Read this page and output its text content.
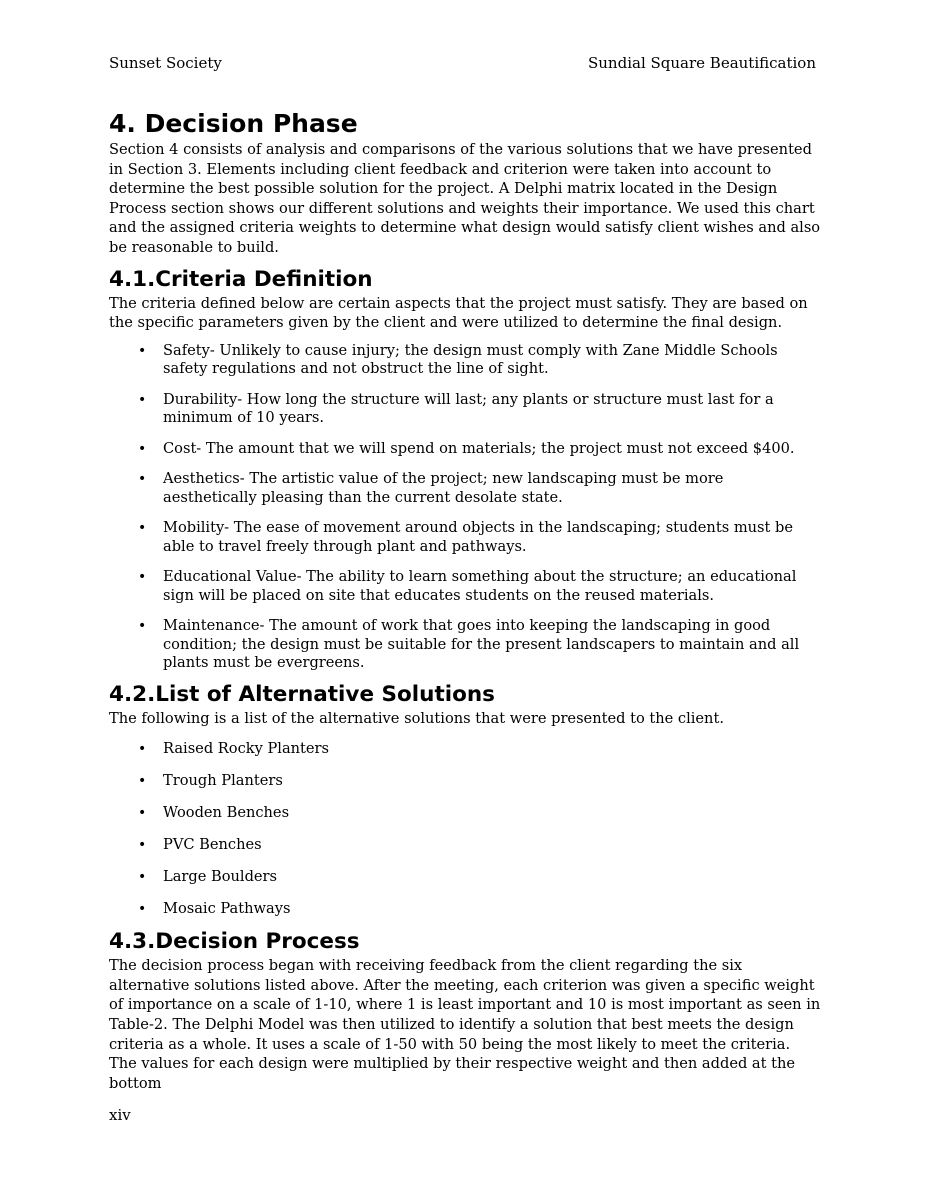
Sunset Society	Sundial Square Beautification
4. Decision Phase

Section 4 consists of analysis and comparisons of the various solutions that we have presented in Section 3. Elements including client feedback and criterion were taken into account to determine the best possible solution for the project. A Delphi matrix located in the Design Process section shows our different solutions and weights their importance. We used this chart and the assigned criteria weights to determine what design would satisfy client wishes and also be reasonable to build.

4.1.Criteria Definition

The criteria defined below are certain aspects that the project must satisfy. They are based on the specific parameters given by the client and were utilized to determine the final design.

• Safety- Unlikely to cause injury; the design must comply with Zane Middle Schools safety regulations and not obstruct the line of sight.
• Durability- How long the structure will last; any plants or structure must last for a minimum of 10 years.
• Cost- The amount that we will spend on materials; the project must not exceed $400.
• Aesthetics- The artistic value of the project; new landscaping must be more aesthetically pleasing than the current desolate state.
• Mobility- The ease of movement around objects in the landscaping; students must be able to travel freely through plant and pathways.
• Educational Value- The ability to learn something about the structure; an educational sign will be placed on site that educates students on the reused materials.
• Maintenance- The amount of work that goes into keeping the landscaping in good condition; the design must be suitable for the present landscapers to maintain and all plants must be evergreens.
4.2.List of Alternative Solutions

The following is a list of the alternative solutions that were presented to the client.

• Raised Rocky Planters
• Trough Planters
• Wooden Benches
• PVC Benches
• Large Boulders
• Mosaic Pathways
4.3.Decision Process

The decision process began with receiving feedback from the client regarding the six alternative solutions listed above. After the meeting, each criterion was given a specific weight of importance on a scale of 1-10, where 1 is least important and 10 is most important as seen in Table-2. The Delphi Model was then utilized to identify a solution that best meets the design criteria as a whole. It uses a scale of 1-50 with 50 being the most likely to meet the criteria. The values for each design were multiplied by their respective weight and then added at the bottom

xiv
